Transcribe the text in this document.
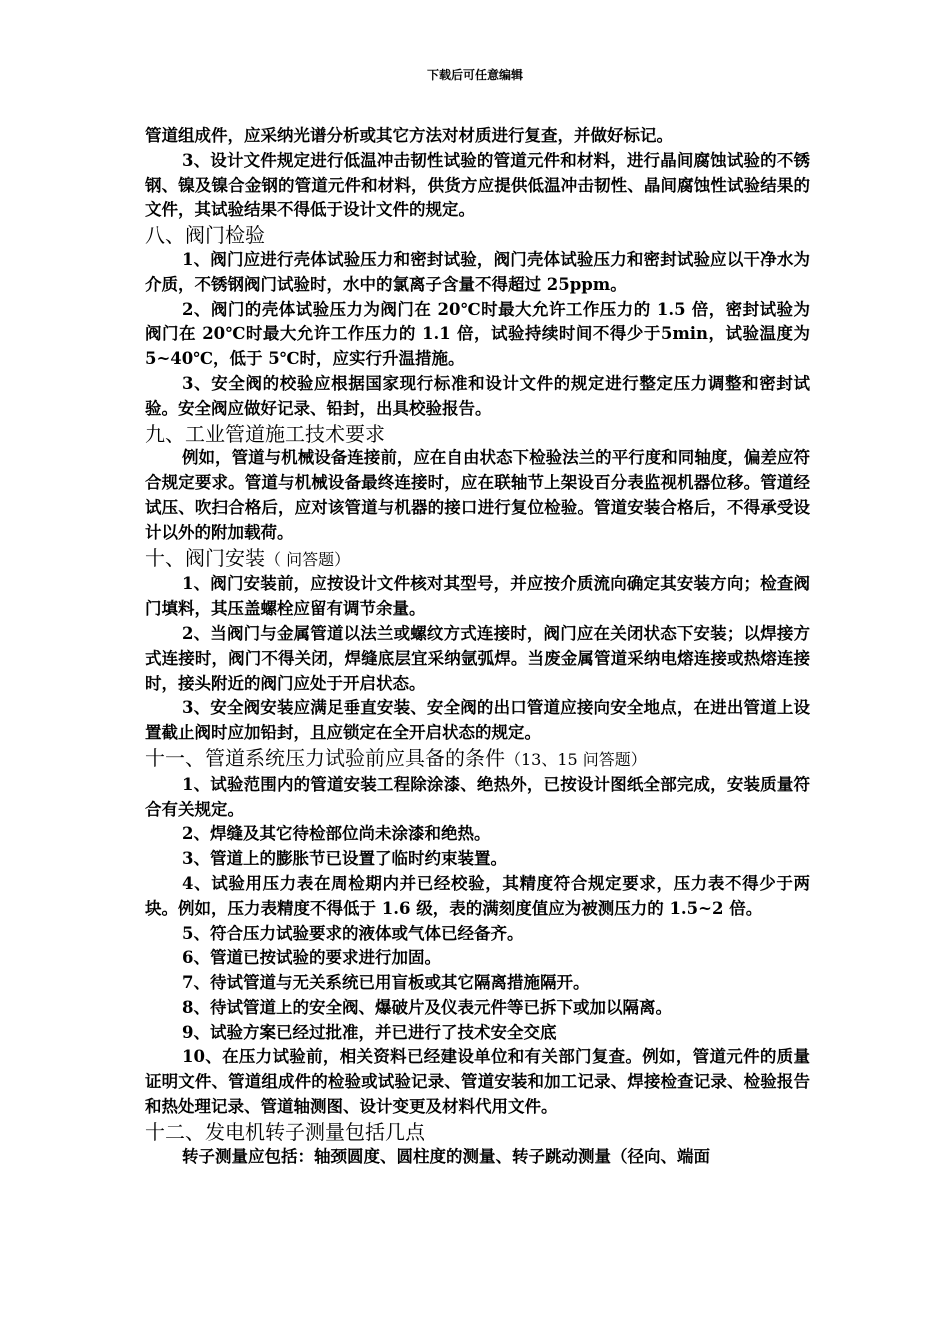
下载后可任意编辑

管道组成件，应采纳光谱分析或其它方法对材质进行复查，并做好标记。

3、设计文件规定进行低温冲击韧性试验的管道元件和材料，进行晶间腐蚀试验的不锈钢、镍及镍合金钢的管道元件和材料，供货方应提供低温冲击韧性、晶间腐蚀性试验结果的文件，其试验结果不得低于设计文件的规定。

八、阀门检验

1、阀门应进行壳体试验压力和密封试验，阀门壳体试验压力和密封试验应以干净水为介质，不锈钢阀门试验时，水中的氯离子含量不得超过 25ppm。

2、阀门的壳体试验压力为阀门在 20℃时最大允许工作压力的 1.5 倍，密封试验为阀门在 20℃时最大允许工作压力的 1.1 倍，试验持续时间不得少于5min，试验温度为 5~40℃，低于 5℃时，应实行升温措施。

3、安全阀的校验应根据国家现行标准和设计文件的规定进行整定压力调整和密封试验。安全阀应做好记录、铅封，出具校验报告。

九、工业管道施工技术要求

例如，管道与机械设备连接前，应在自由状态下检验法兰的平行度和同轴度，偏差应符合规定要求。管道与机械设备最终连接时，应在联轴节上架设百分表监视机器位移。管道经试压、吹扫合格后，应对该管道与机器的接口进行复位检验。管道安装合格后，不得承受设计以外的附加载荷。

十、阀门安装（ 问答题）

1、阀门安装前，应按设计文件核对其型号，并应按介质流向确定其安装方向；检查阀门填料，其压盖螺栓应留有调节余量。

2、当阀门与金属管道以法兰或螺纹方式连接时，阀门应在关闭状态下安装；以焊接方式连接时，阀门不得关闭，焊缝底层宜采纳氩弧焊。当废金属管道采纳电熔连接或热熔连接时，接头附近的阀门应处于开启状态。

3、安全阀安装应满足垂直安装、安全阀的出口管道应接向安全地点，在进出管道上设置截止阀时应加铅封，且应锁定在全开启状态的规定。

十一、管道系统压力试验前应具备的条件（13、15 问答题）

1、试验范围内的管道安装工程除涂漆、绝热外，已按设计图纸全部完成，安装质量符合有关规定。

2、焊缝及其它待检部位尚未涂漆和绝热。

3、管道上的膨胀节已设置了临时约束装置。

4、试验用压力表在周检期内并已经校验，其精度符合规定要求，压力表不得少于两块。例如，压力表精度不得低于 1.6 级，表的满刻度值应为被测压力的 1.5~2 倍。

5、符合压力试验要求的液体或气体已经备齐。

6、管道已按试验的要求进行加固。

7、待试管道与无关系统已用盲板或其它隔离措施隔开。

8、待试管道上的安全阀、爆破片及仪表元件等已拆下或加以隔离。

9、试验方案已经过批准，并已进行了技术安全交底

10、在压力试验前，相关资料已经建设单位和有关部门复查。例如，管道元件的质量证明文件、管道组成件的检验或试验记录、管道安装和加工记录、焊接检查记录、检验报告和热处理记录、管道轴测图、设计变更及材料代用文件。

十二、发电机转子测量包括几点

转子测量应包括：轴颈圆度、圆柱度的测量、转子跳动测量（径向、端面
